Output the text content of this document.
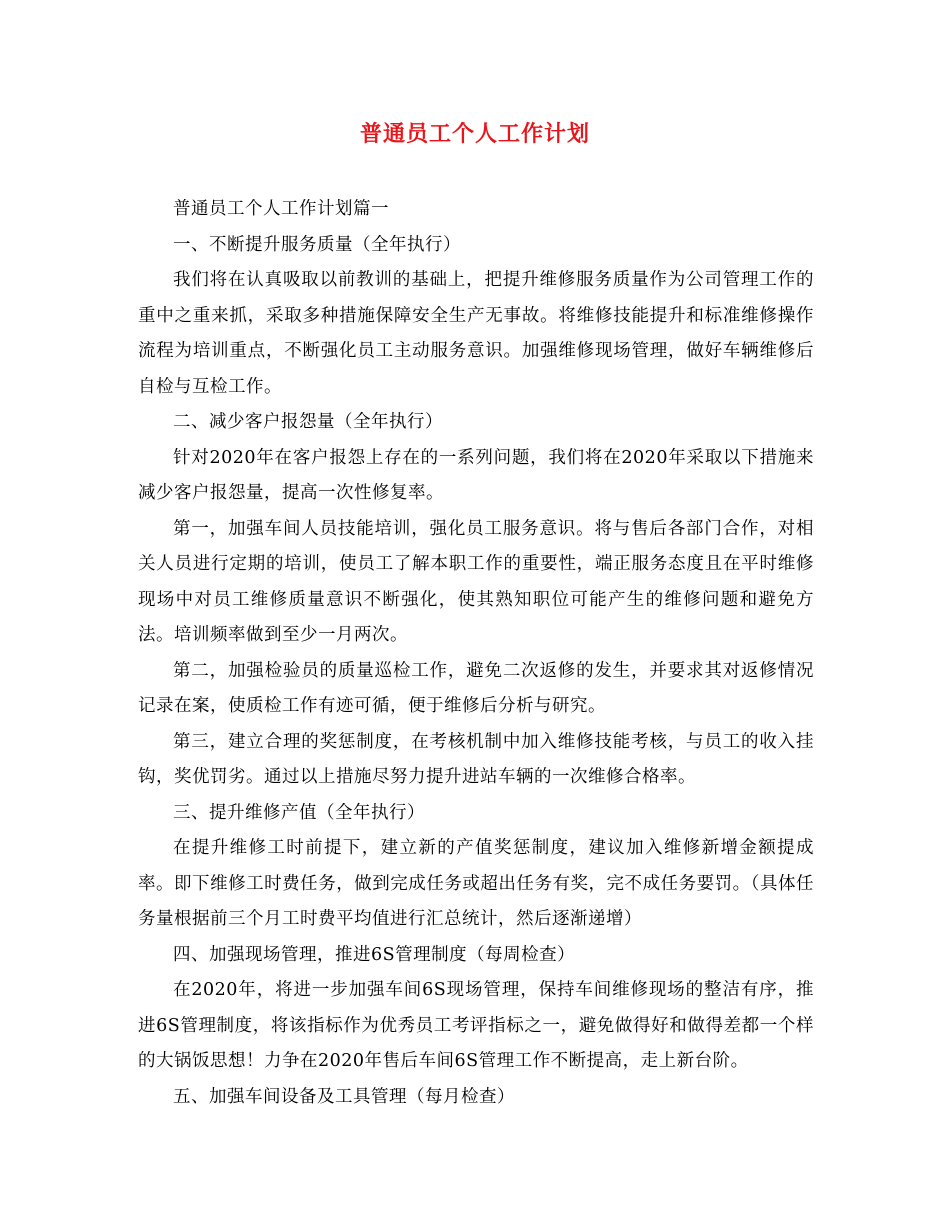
普通员工个人工作计划

普通员工个人工作计划篇一

一、不断提升服务质量（全年执行）

我们将在认真吸取以前教训的基础上，把提升维修服务质量作为公司管理工作的重中之重来抓，采取多种措施保障安全生产无事故。将维修技能提升和标准维修操作流程为培训重点，不断强化员工主动服务意识。加强维修现场管理，做好车辆维修后自检与互检工作。

二、减少客户报怨量（全年执行）

针对2020年在客户报怨上存在的一系列问题，我们将在2020年采取以下措施来减少客户报怨量，提高一次性修复率。

第一，加强车间人员技能培训，强化员工服务意识。将与售后各部门合作，对相关人员进行定期的培训，使员工了解本职工作的重要性，端正服务态度且在平时维修现场中对员工维修质量意识不断强化，使其熟知职位可能产生的维修问题和避免方法。培训频率做到至少一月两次。

第二，加强检验员的质量巡检工作，避免二次返修的发生，并要求其对返修情况记录在案，使质检工作有迹可循，便于维修后分析与研究。

第三，建立合理的奖惩制度，在考核机制中加入维修技能考核，与员工的收入挂钩，奖优罚劣。通过以上措施尽努力提升进站车辆的一次维修合格率。

三、提升维修产值（全年执行）

在提升维修工时前提下，建立新的产值奖惩制度，建议加入维修新增金额提成率。即下维修工时费任务，做到完成任务或超出任务有奖，完不成任务要罚。（具体任务量根据前三个月工时费平均值进行汇总统计，然后逐渐递增）

四、加强现场管理，推进6S管理制度（每周检查）

在2020年，将进一步加强车间6S现场管理，保持车间维修现场的整洁有序，推进6S管理制度，将该指标作为优秀员工考评指标之一，避免做得好和做得差都一个样的大锅饭思想！力争在2020年售后车间6S管理工作不断提高，走上新台阶。

五、加强车间设备及工具管理（每月检查）
